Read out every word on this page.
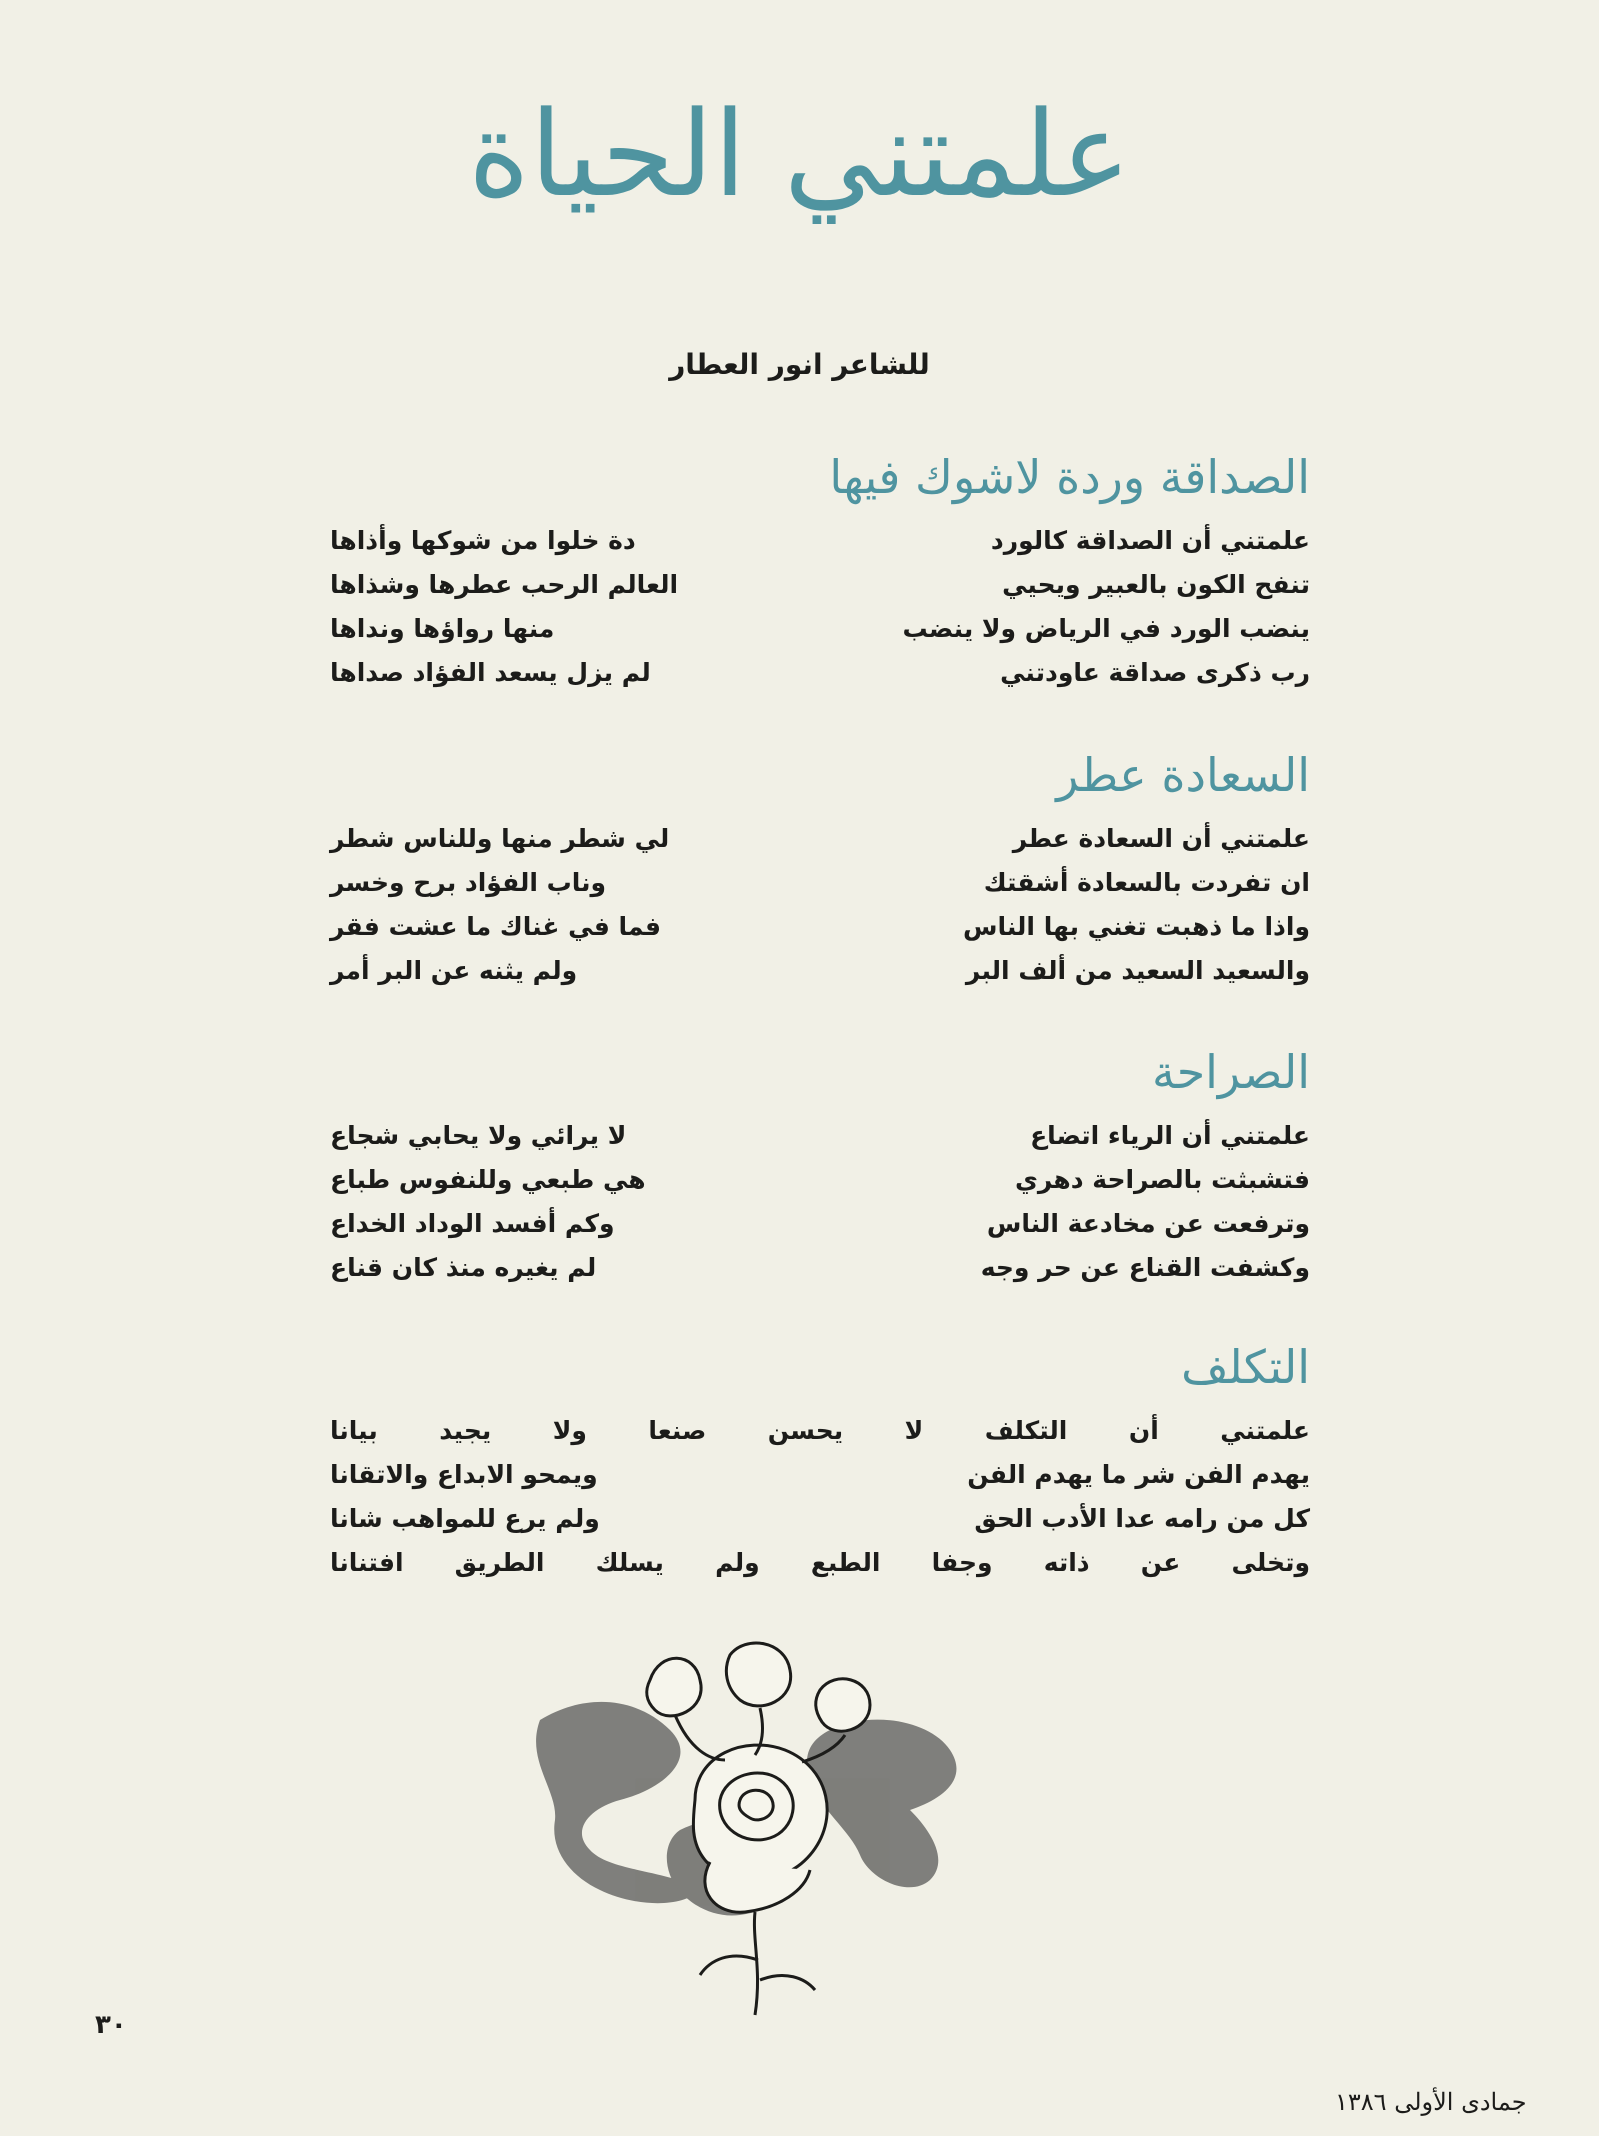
علمتني الحياة
للشاعر انور العطار
الصداقة وردة لاشوك فيها
علمتني أن الصداقة كالورد
دة خلوا من شوكها وأذاها
تنفح الكون بالعبير ويحيي
العالم الرحب عطرها وشذاها
ينضب الورد في الرياض ولا ينضب
منها رواؤها ونداها
رب ذكرى صداقة عاودتني
لم يزل يسعد الفؤاد صداها
السعادة عطر
علمتني أن السعادة عطر
لي شطر منها وللناس شطر
ان تفردت بالسعادة أشقتك
وناب الفؤاد برح وخسر
واذا ما ذهبت تغني بها الناس
فما في غناك ما عشت فقر
والسعيد السعيد من ألف البر
ولم يثنه عن البر أمر
الصراحة
علمتني أن الرياء اتضاع
لا يرائي ولا يحابي شجاع
فتشبثت بالصراحة دهري
هي طبعي وللنفوس طباع
وترفعت عن مخادعة الناس
وكم أفسد الوداد الخداع
وكشفت القناع عن حر وجه
لم يغيره منذ كان قناع
التكلف
علمتني أن التكلف لا يحسن صنعا ولا يجيد بيانا
يهدم الفن شر ما يهدم الفن
ويمحو الابداع والاتقانا
كل من رامه عدا الأدب الحق
ولم يرع للمواهب شانا
وتخلى عن ذاته وجفا الطبع ولم يسلك الطريق افتنانا
٣٠
جمادى الأولى ١٣٨٦
